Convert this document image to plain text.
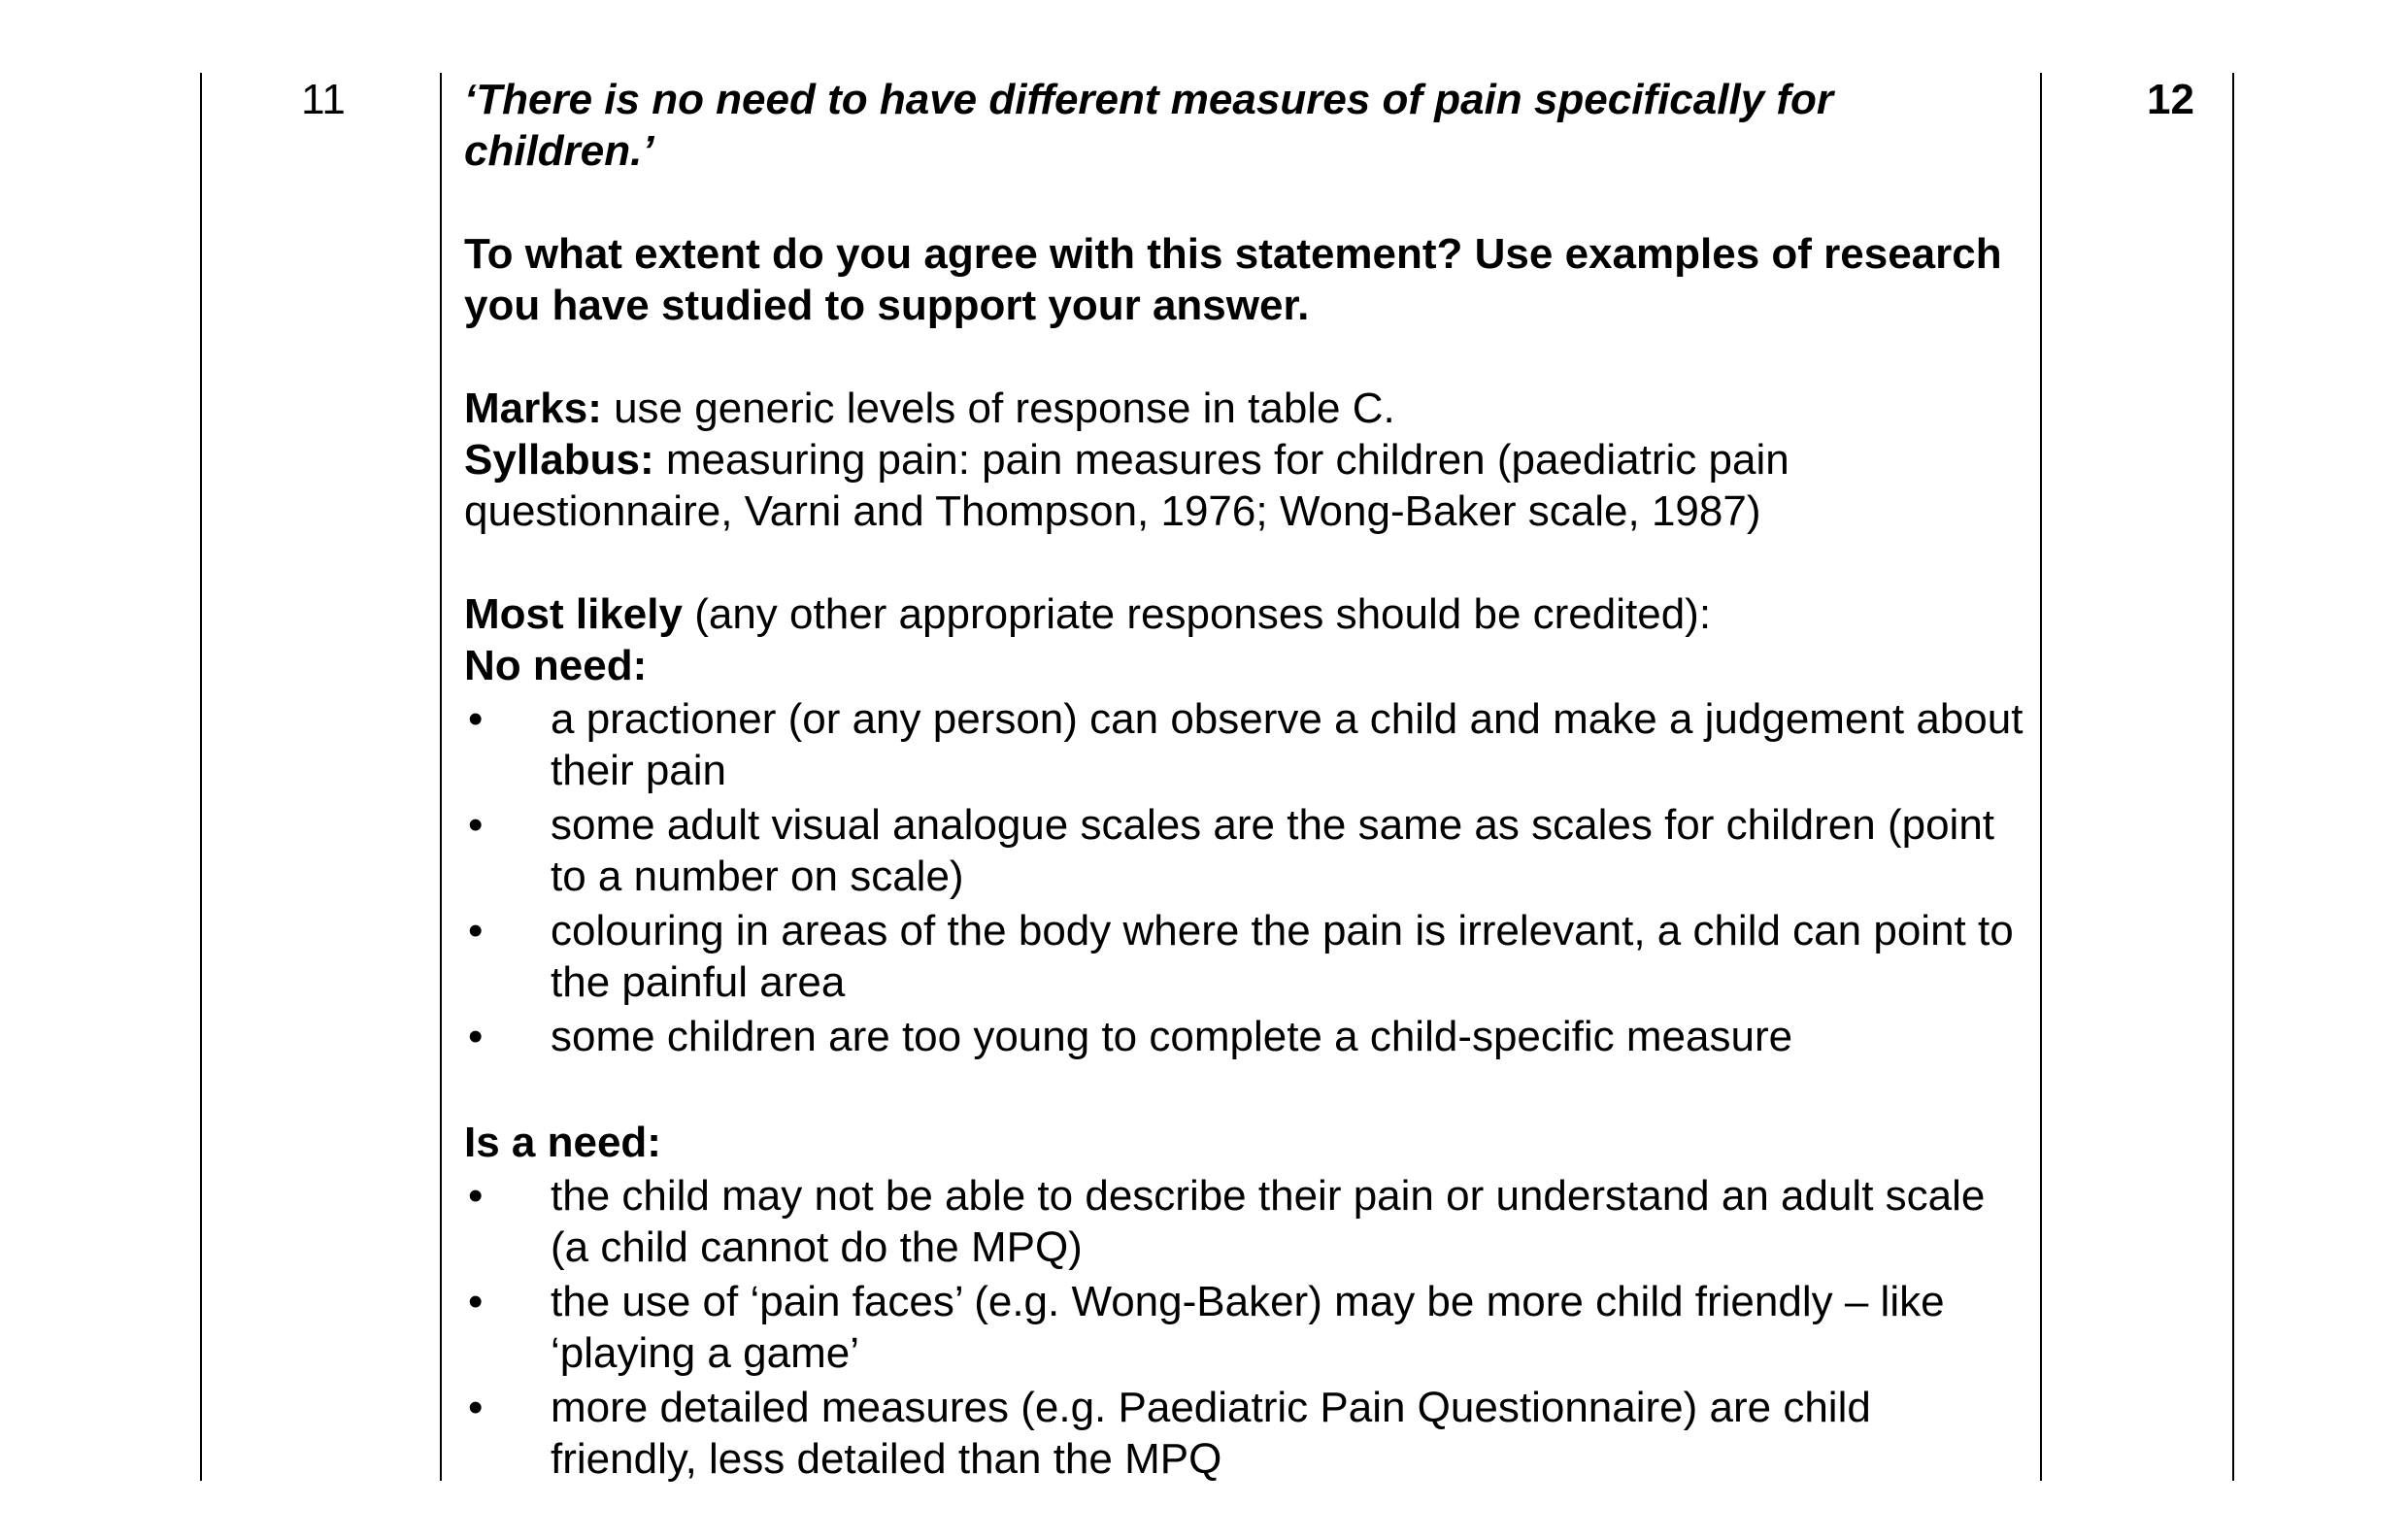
11	12

‘There is no need to have different measures of pain specifically for children.’

To what extent do you agree with this statement? Use examples of research you have studied to support your answer.

Marks: use generic levels of response in table C.

Syllabus: measuring pain: pain measures for children (paediatric pain questionnaire, Varni and Thompson, 1976; Wong-Baker scale, 1987)

Most likely (any other appropriate responses should be credited):

No need:

•	a practioner (or any person) can observe a child and make a judgement about their pain
•	some adult visual analogue scales are the same as scales for children (point to a number on scale)
•	colouring in areas of the body where the pain is irrelevant, a child can point to the painful area
•	some children are too young to complete a child-specific measure

Is a need:

•	the child may not be able to describe their pain or understand an adult scale (a child cannot do the MPQ)
•	the use of ‘pain faces’ (e.g. Wong-Baker) may be more child friendly – like ‘playing a game’
•	more detailed measures (e.g. Paediatric Pain Questionnaire) are child friendly, less detailed than the MPQ
